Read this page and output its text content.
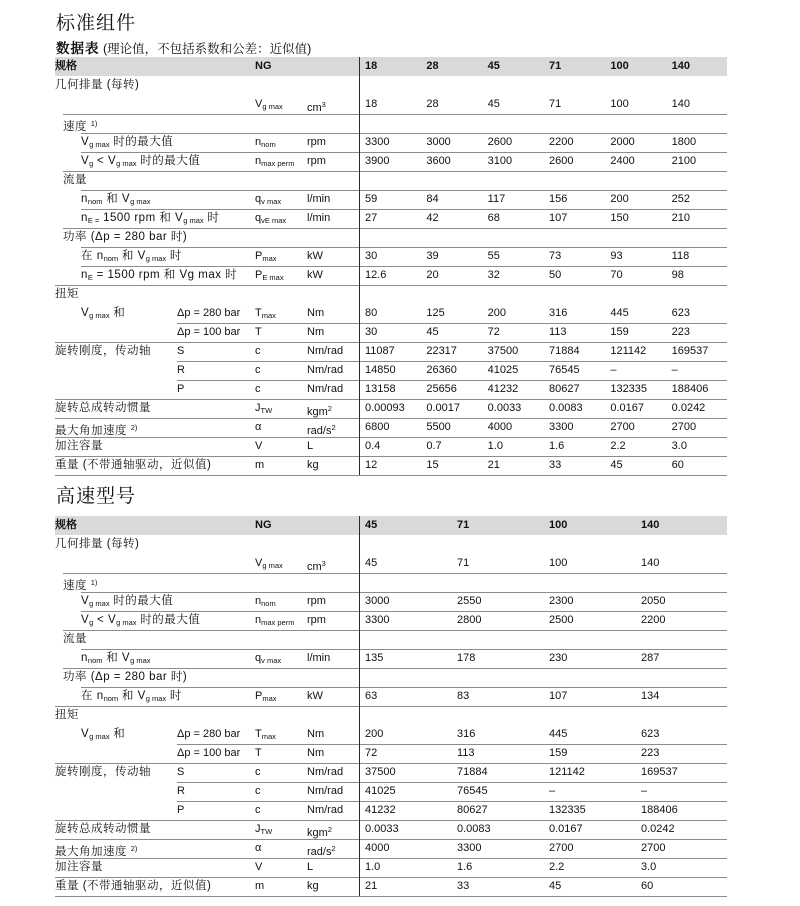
标准组件
数据表 (理论值，不包括系数和公差：近似值)
规格	NG	18	28	45	71	100	140
几何排量 (每转)
$V_{g max}$ $cm^3$	18	28	45	71	100	140
速度 $^{1)}$
$V_{g max}$ 时的最大值	$n_{nom}$	rpm	3300	3000	2600	2200	2000	1800
$V_g < V_{g max}$ 时的最大值	$n_{max perm}$ rpm	3900	3600	3100	2600	2400	2100
流量
$n_{nom}$ 和 $V_{g max}$	$q_{v max}$ l/min	59	84	117	156	200	252
$n_{E =}$ 1500 rpm 和 $V_{g max}$ 时	$q_{vE max}$ l/min	27	42	68	107	150	210
功率 (Δp = 280 bar 时)
在 $n_{nom}$ 和 $V_{g max}$ 时	$P_{max}$	kW	30	39	55	73	93	118
$n_E = 1500$ rpm 和 Vg max 时 $P_{E max}$ kW	12.6	20	32	50	70	98
扭矩
$V_{g max}$ 和	Δp = 280 bar $T_{max}$	Nm	80	125	200	316	445	623
Δp = 100 bar T	Nm	30	45	72	113	159	223
旋转刚度，传动轴 S	c	Nm/rad 11087	22317	37500	71884	121142 169537
R	c	Nm/rad 14850	26360	41025	76545	–	–
P	c	Nm/rad 13158	25656	41232	80627	132335 188406
旋转总成转动惯量	$J_{TW}$	kgm$^2$	0.00093 0.0017	0.0033	0.0083	0.0167	0.0242
最大角加速度 $^{2)}$	α	rad/$s^2$	6800	5500	4000	3300	2700	2700
加注容量	V	L	0.4	0.7	1.0	1.6	2.2	3.0
重量 (不带通轴驱动，近似值)	m	kg	12	15	21	33	45	60
高速型号
规格	NG	45	71	100	140
几何排量 (每转)
$V_{g max}$ $cm^3$	45	71	100	140
速度 $^{1)}$
$V_{g max}$ 时的最大值	$n_{nom}$	rpm	3000	2550	2300	2050
$V_g < V_{g max}$ 时的最大值	$n_{max perm}$ rpm	3300	2800	2500	2200
流量
$n_{nom}$ 和 $V_{g max}$	$q_{v max}$ l/min	135	178	230	287
功率 (Δp = 280 bar 时)
在 $n_{nom}$ 和 $V_{g max}$ 时	$P_{max}$	kW	63	83	107	134
扭矩
$V_{g max}$ 和	Δp = 280 bar $T_{max}$	Nm	200	316	445	623
Δp = 100 bar T	Nm	72	113	159	223
旋转刚度，传动轴 S	c	Nm/rad 37500	71884	121142	169537
R	c	Nm/rad 41025	76545	–	–
P	c	Nm/rad 41232	80627	132335	188406
旋转总成转动惯量	$J_{TW}$	kgm$^2$	0.0033	0.0083	0.0167	0.0242
最大角加速度 $^{2)}$	α	rad/$s^2$	4000	3300	2700	2700
加注容量	V	L	1.0	1.6	2.2	3.0
重量 (不带通轴驱动，近似值)	m	kg	21	33	45	60
